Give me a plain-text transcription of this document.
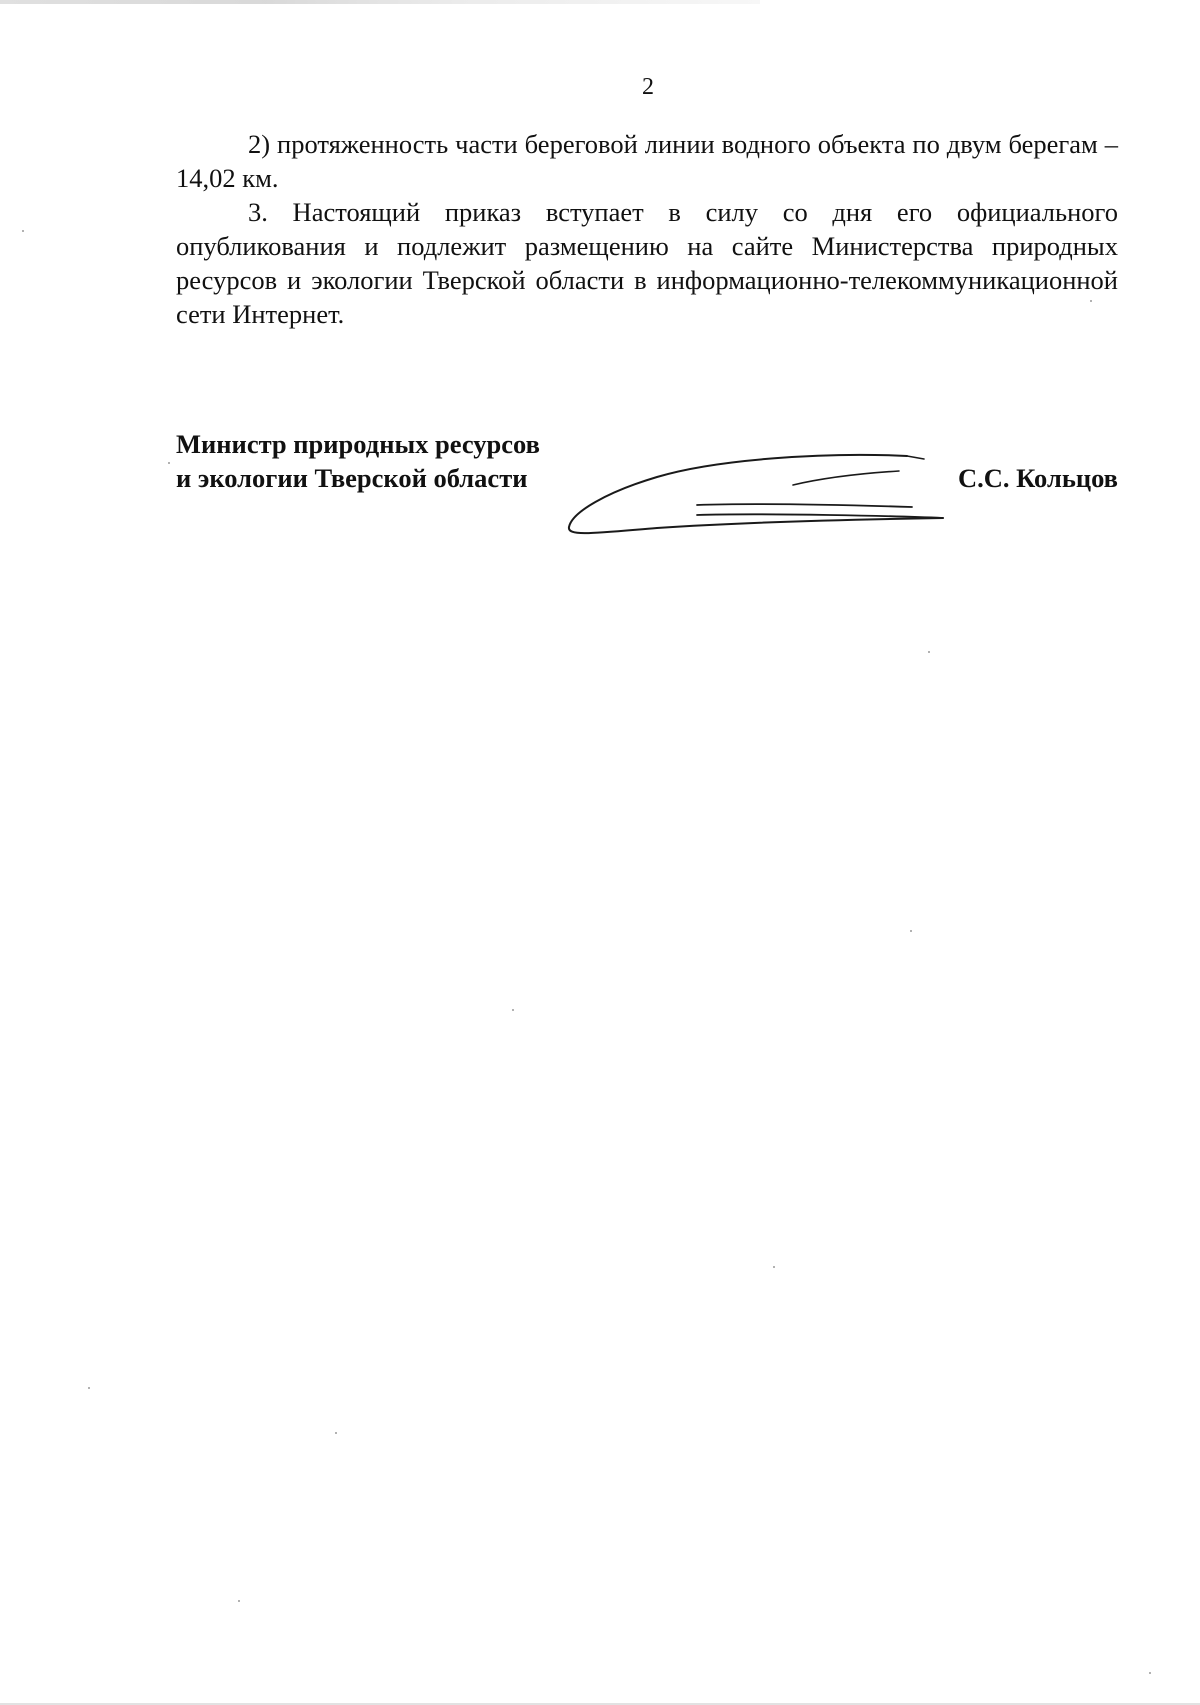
2

2) протяженность части береговой линии водного объекта по двум берегам – 14,02 км.

3. Настоящий приказ вступает в силу со дня его официального опубликования и подлежит размещению на сайте Министерства природных ресурсов и экологии Тверской области в информационно-телекоммуникационной сети Интернет.

Министр природных ресурсов
и экологии Тверской области	С.С. Кольцов
